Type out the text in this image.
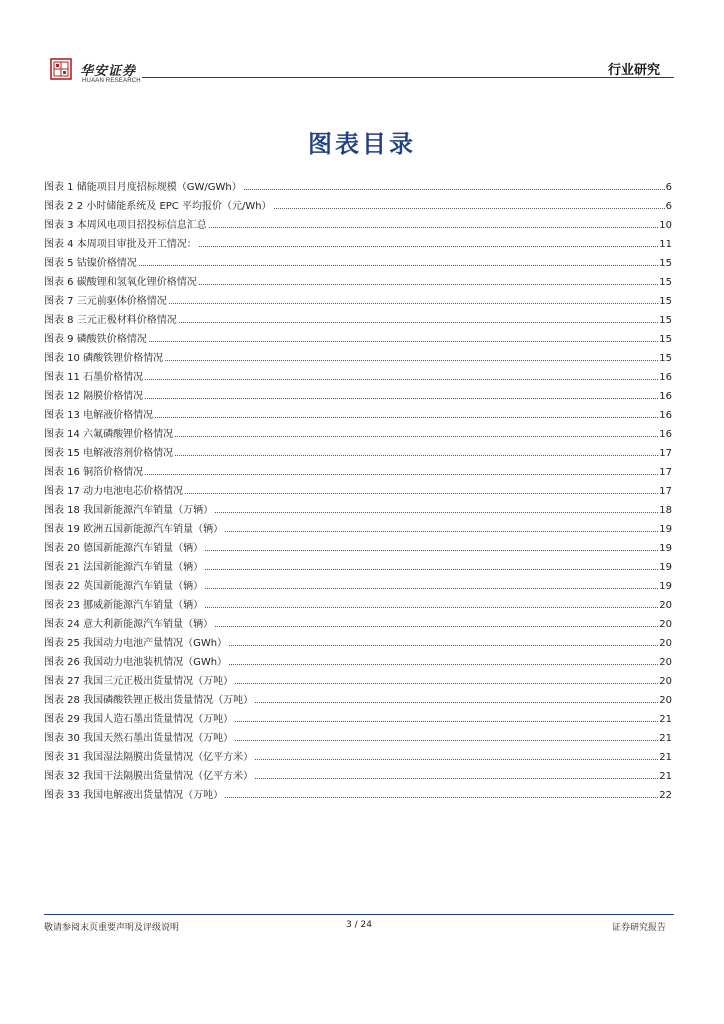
华安证券
HUAAN RESEARCH
行业研究
图表目录
图表 1 储能项目月度招标规模（GW/GWh）	6
图表 2 2 小时储能系统及 EPC 平均报价（元/Wh）	6
图表 3 本周风电项目招投标信息汇总	10
图表 4 本周项目审批及开工情况：	11
图表 5 钴镍价格情况	15
图表 6 碳酸锂和氢氧化锂价格情况	15
图表 7 三元前驱体价格情况	15
图表 8 三元正极材料价格情况	15
图表 9 磷酸铁价格情况	15
图表 10 磷酸铁锂价格情况	15
图表 11 石墨价格情况	16
图表 12 隔膜价格情况	16
图表 13 电解液价格情况	16
图表 14 六氟磷酸锂价格情况	16
图表 15 电解液溶剂价格情况	17
图表 16 铜箔价格情况	17
图表 17 动力电池电芯价格情况	17
图表 18 我国新能源汽车销量（万辆）	18
图表 19 欧洲五国新能源汽车销量（辆）	19
图表 20 德国新能源汽车销量（辆）	19
图表 21 法国新能源汽车销量（辆）	19
图表 22 英国新能源汽车销量（辆）	19
图表 23 挪威新能源汽车销量（辆）	20
图表 24 意大利新能源汽车销量（辆）	20
图表 25 我国动力电池产量情况（GWh）	20
图表 26 我国动力电池装机情况（GWh）	20
图表 27 我国三元正极出货量情况（万吨）	20
图表 28 我国磷酸铁锂正极出货量情况（万吨）	20
图表 29 我国人造石墨出货量情况（万吨）	21
图表 30 我国天然石墨出货量情况（万吨）	21
图表 31 我国湿法隔膜出货量情况（亿平方米）	21
图表 32 我国干法隔膜出货量情况（亿平方米）	21
图表 33 我国电解液出货量情况（万吨）	22
敬请参阅末页重要声明及评级说明	3 / 24	证券研究报告
